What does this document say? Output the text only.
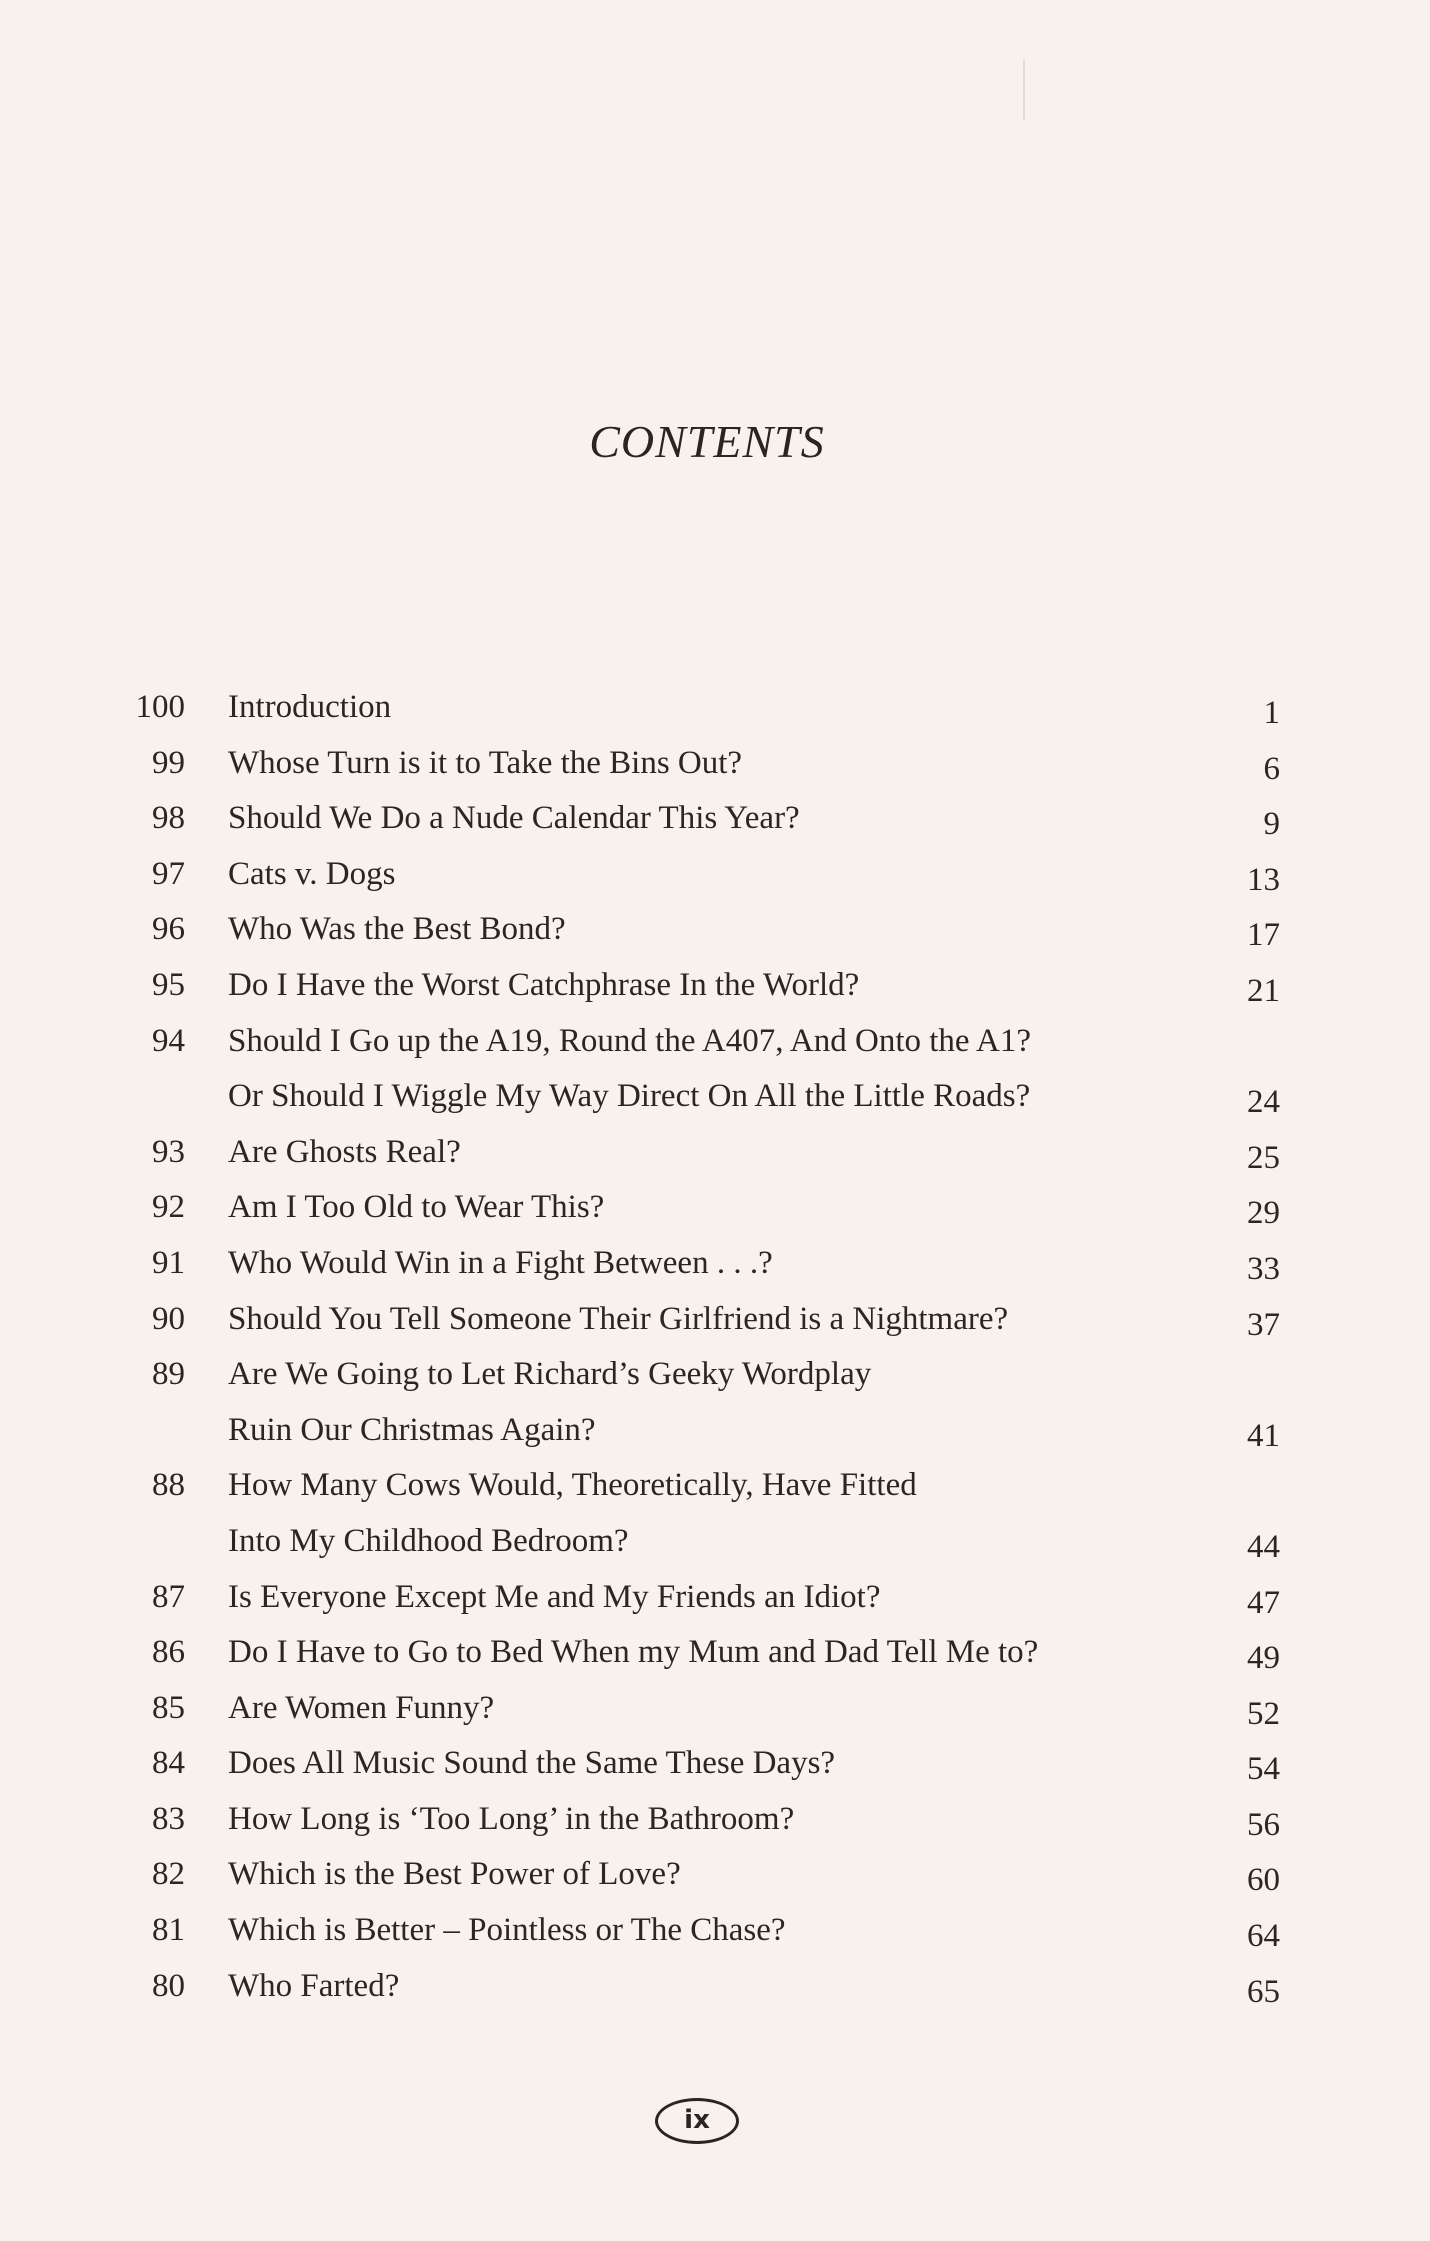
CONTENTS
100 Introduction	1
99 Whose Turn is it to Take the Bins Out?	6
98 Should We Do a Nude Calendar This Year?	9
97 Cats v. Dogs	13
96 Who Was the Best Bond?	17
95 Do I Have the Worst Catchphrase In the World?	21
94 Should I Go up the A19, Round the A407, And Onto the A1?
Or Should I Wiggle My Way Direct On All the Little Roads?	24
93 Are Ghosts Real?	25
92 Am I Too Old to Wear This?	29
91 Who Would Win in a Fight Between . . .?	33
90 Should You Tell Someone Their Girlfriend is a Nightmare?	37
89 Are We Going to Let Richard’s Geeky Wordplay
Ruin Our Christmas Again?	41
88 How Many Cows Would, Theoretically, Have Fitted
Into My Childhood Bedroom?	44
87 Is Everyone Except Me and My Friends an Idiot?	47
86 Do I Have to Go to Bed When my Mum and Dad Tell Me to?	49
85 Are Women Funny?	52
84 Does All Music Sound the Same These Days?	54
83 How Long is ‘Too Long’ in the Bathroom?	56
82 Which is the Best Power of Love?	60
81 Which is Better – Pointless or The Chase?	64
80 Who Farted?	65
ix
